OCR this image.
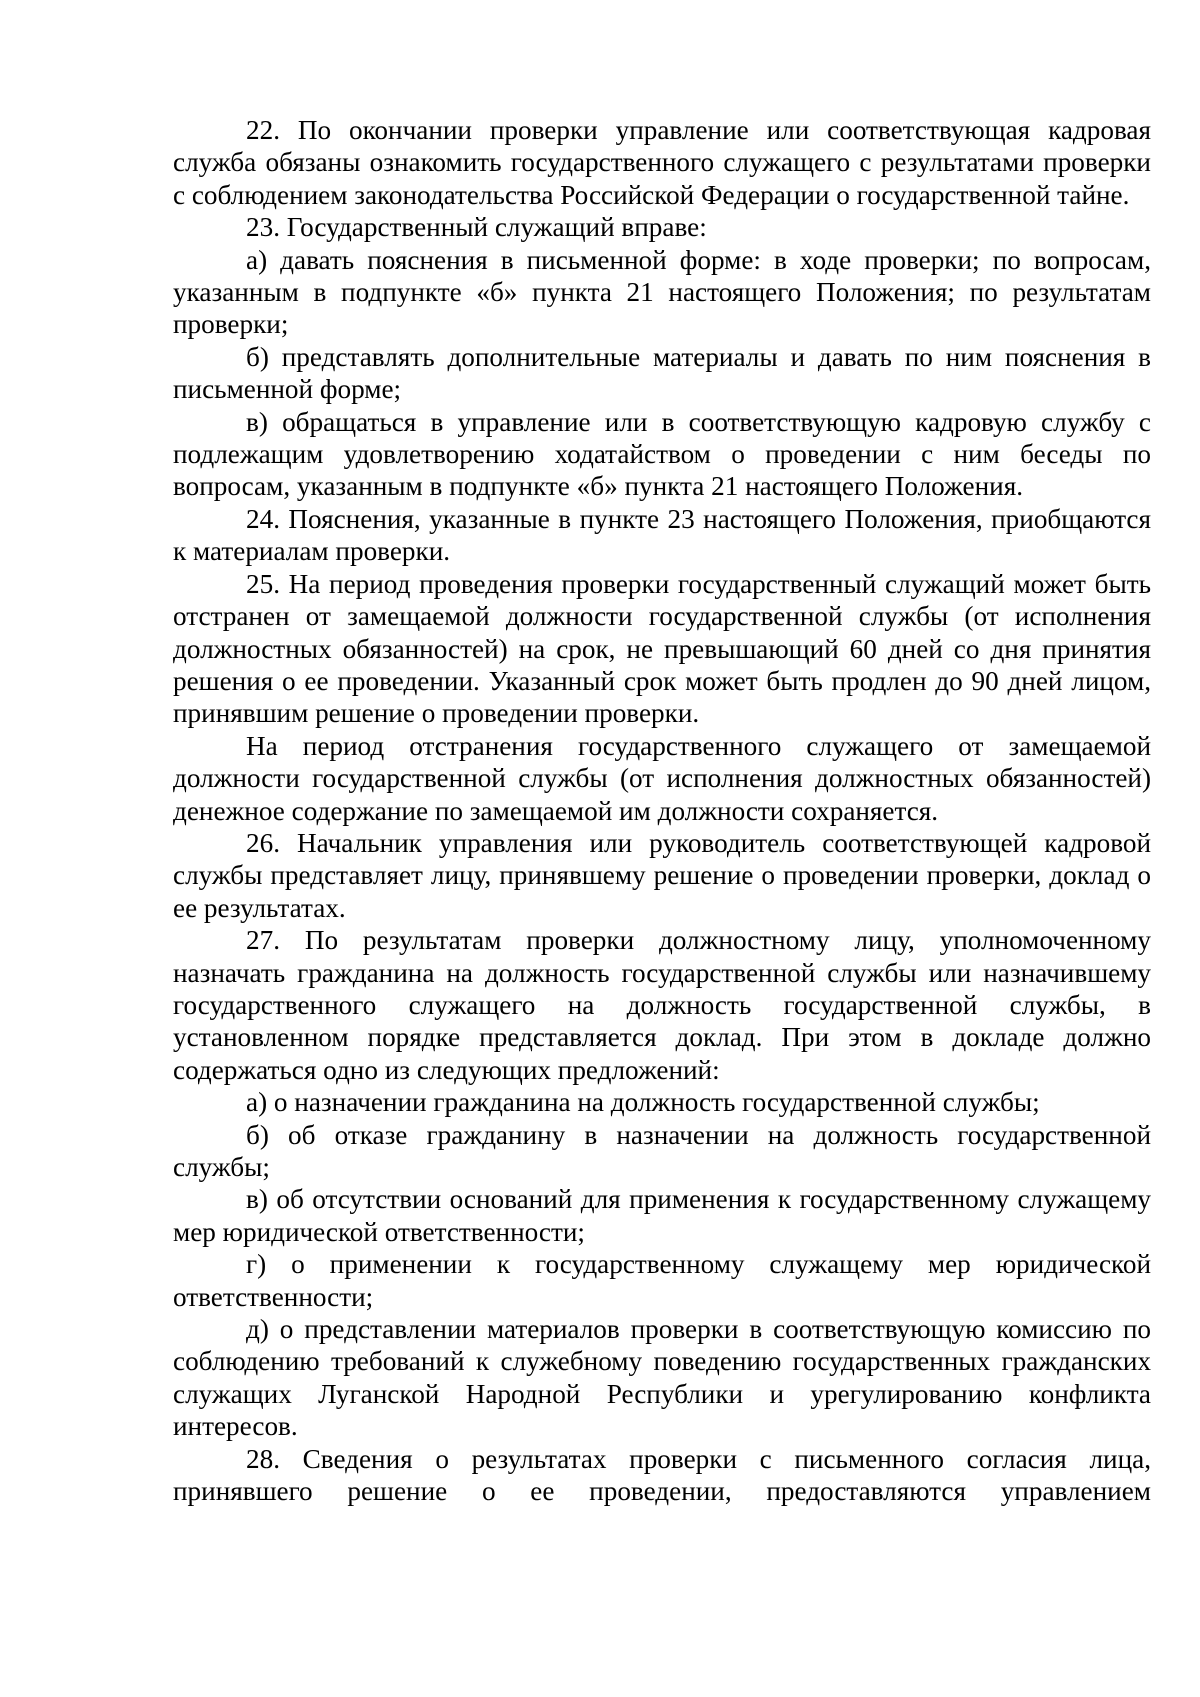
22. По окончании проверки управление или соответствующая кадровая служба обязаны ознакомить государственного служащего с результатами проверки с соблюдением законодательства Российской Федерации о государственной тайне.

23. Государственный служащий вправе:

а) давать пояснения в письменной форме: в ходе проверки; по вопросам, указанным в подпункте «б» пункта 21 настоящего Положения; по результатам проверки;

б) представлять дополнительные материалы и давать по ним пояснения в письменной форме;

в) обращаться в управление или в соответствующую кадровую службу с подлежащим удовлетворению ходатайством о проведении с ним беседы по вопросам, указанным в подпункте «б» пункта 21 настоящего Положения.

24. Пояснения, указанные в пункте 23 настоящего Положения, приобщаются к материалам проверки.

25. На период проведения проверки государственный служащий может быть отстранен от замещаемой должности государственной службы (от исполнения должностных обязанностей) на срок, не превышающий 60 дней со дня принятия решения о ее проведении. Указанный срок может быть продлен до 90 дней лицом, принявшим решение о проведении проверки.

На период отстранения государственного служащего от замещаемой должности государственной службы (от исполнения должностных обязанностей) денежное содержание по замещаемой им должности сохраняется.

26. Начальник управления или руководитель соответствующей кадровой службы представляет лицу, принявшему решение о проведении проверки, доклад о ее результатах.

27. По результатам проверки должностному лицу, уполномоченному назначать гражданина на должность государственной службы или назначившему государственного служащего на должность государственной службы, в установленном порядке представляется доклад. При этом в докладе должно содержаться одно из следующих предложений:

а) о назначении гражданина на должность государственной службы;

б) об отказе гражданину в назначении на должность государственной службы;

в) об отсутствии оснований для применения к государственному служащему мер юридической ответственности;

г) о применении к государственному служащему мер юридической ответственности;

д) о представлении материалов проверки в соответствующую комиссию по соблюдению требований к служебному поведению государственных гражданских служащих Луганской Народной Республики и урегулированию конфликта интересов.

28. Сведения о результатах проверки с письменного согласия лица, принявшего решение о ее проведении, предоставляются управлением
